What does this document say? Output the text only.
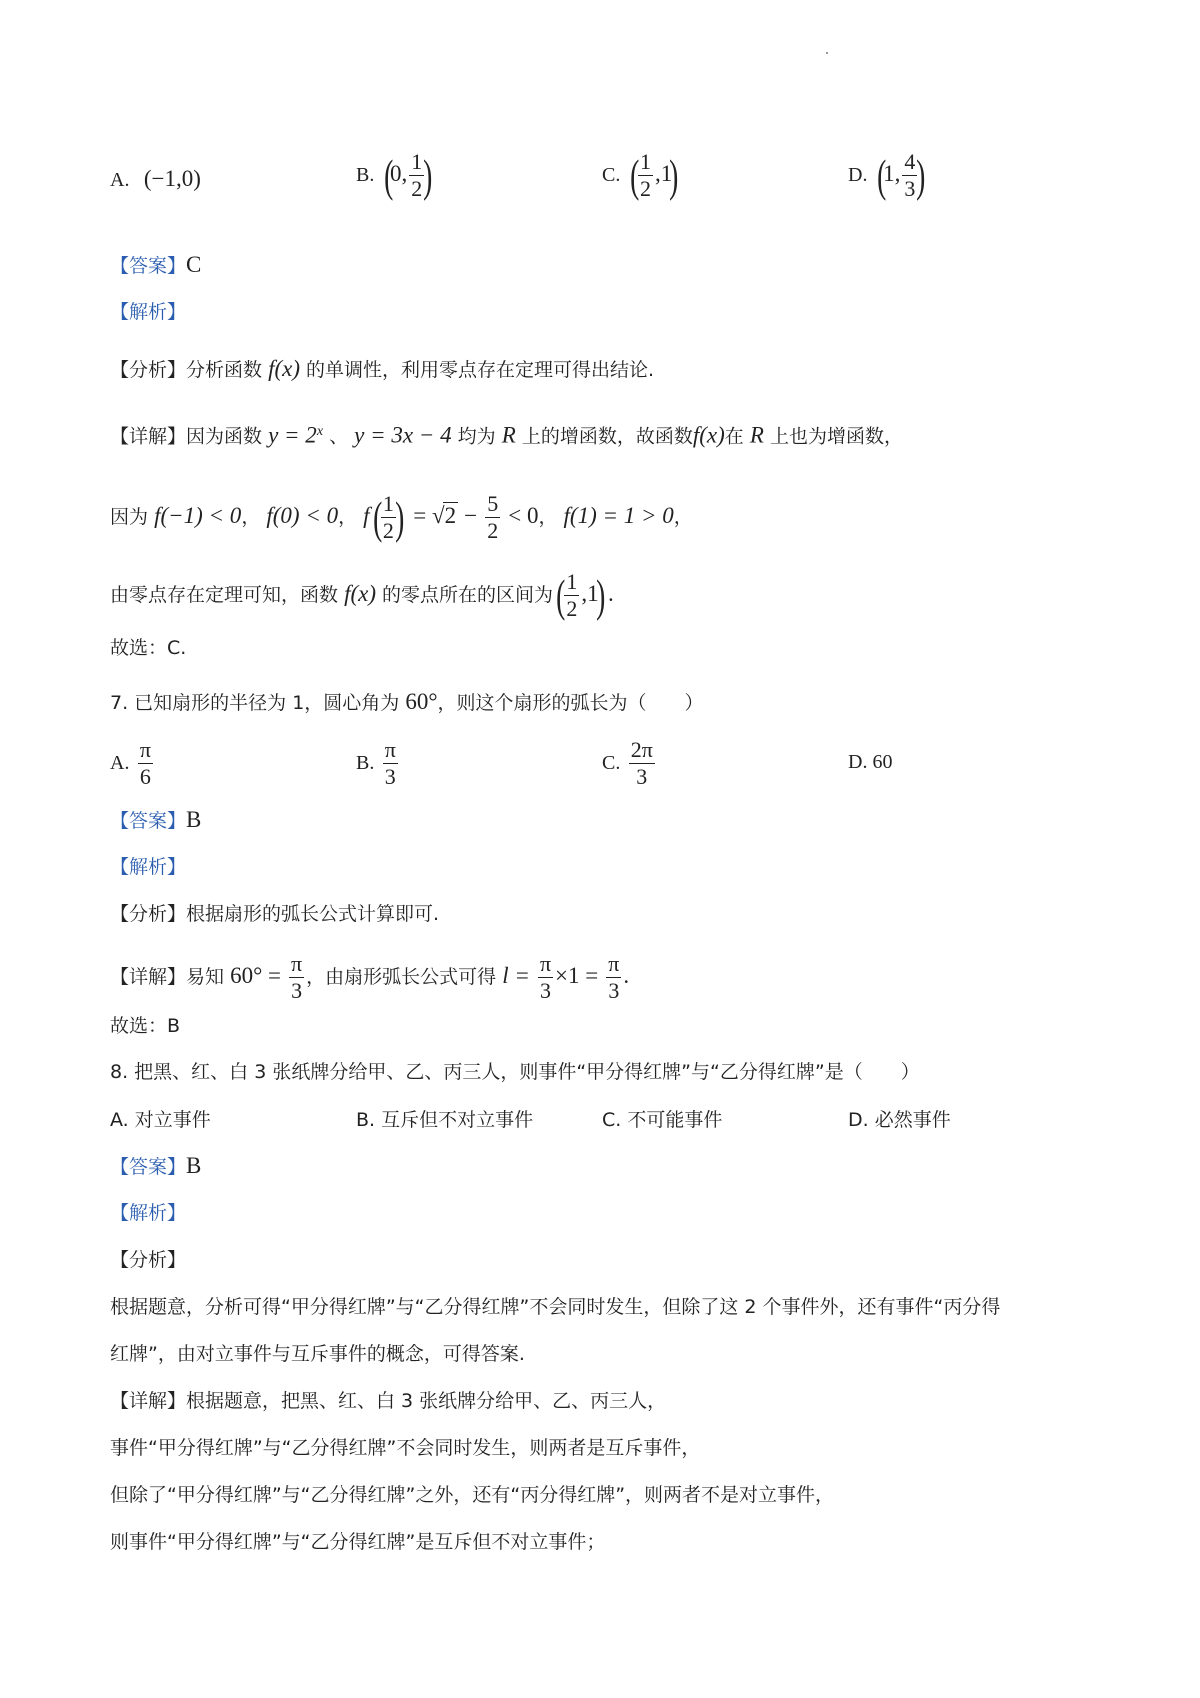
A. (−1,0)	B. (0, $\frac{1}{2}$ )	C. ( $\frac{1}{2} ,1$)	D. (1, $\frac{4}{3}$ )
【答案】C
【解析】
【分析】分析函数 f(x) 的单调性，利用零点存在定理可得出结论.
【详解】因为函数 $y = 2^x$ 、 y = 3x − 4 均为 R 上的增函数，故函数f(x)在 R 上也为增函数，
因为 f(−1) < 0， f(0) < 0， $f( \frac{1}{2}$ ) = $√2 - \frac{5}{2} < 0$， f(1) = 1 > 0，
由零点存在定理可知，函数 f(x) 的零点所在的区间为( $\frac{1}{2} ,1$) .
故选：C.
7. 已知扇形的半径为 1，圆心角为 60°，则这个扇形的弧长为（　　）
A. $\frac{\pi}{6}$	B. $\frac{\pi}{3}$	C. $\frac{2\pi}{3}$	D. 60
【答案】B
【解析】
【分析】根据扇形的弧长公式计算即可.
【详解】易知 $60^\circ = \frac{\pi}{3}$ ，由扇形弧长公式可得 $l = \frac{\pi}{3} \times 1 = \frac{\pi}{3}$ .
故选：B
8. 把黑、红、白 3 张纸牌分给甲、乙、丙三人，则事件“甲分得红牌”与“乙分得红牌”是（　　）
A. 对立事件	B. 互斥但不对立事件	C. 不可能事件	D. 必然事件
【答案】B
【解析】
【分析】
根据题意，分析可得“甲分得红牌”与“乙分得红牌”不会同时发生，但除了这 2 个事件外，还有事件“丙分得
红牌”，由对立事件与互斥事件的概念，可得答案.
【详解】根据题意，把黑、红、白 3 张纸牌分给甲、乙、丙三人，
事件“甲分得红牌”与“乙分得红牌”不会同时发生，则两者是互斥事件，
但除了“甲分得红牌”与“乙分得红牌”之外，还有“丙分得红牌”，则两者不是对立事件，
则事件“甲分得红牌”与“乙分得红牌”是互斥但不对立事件；
